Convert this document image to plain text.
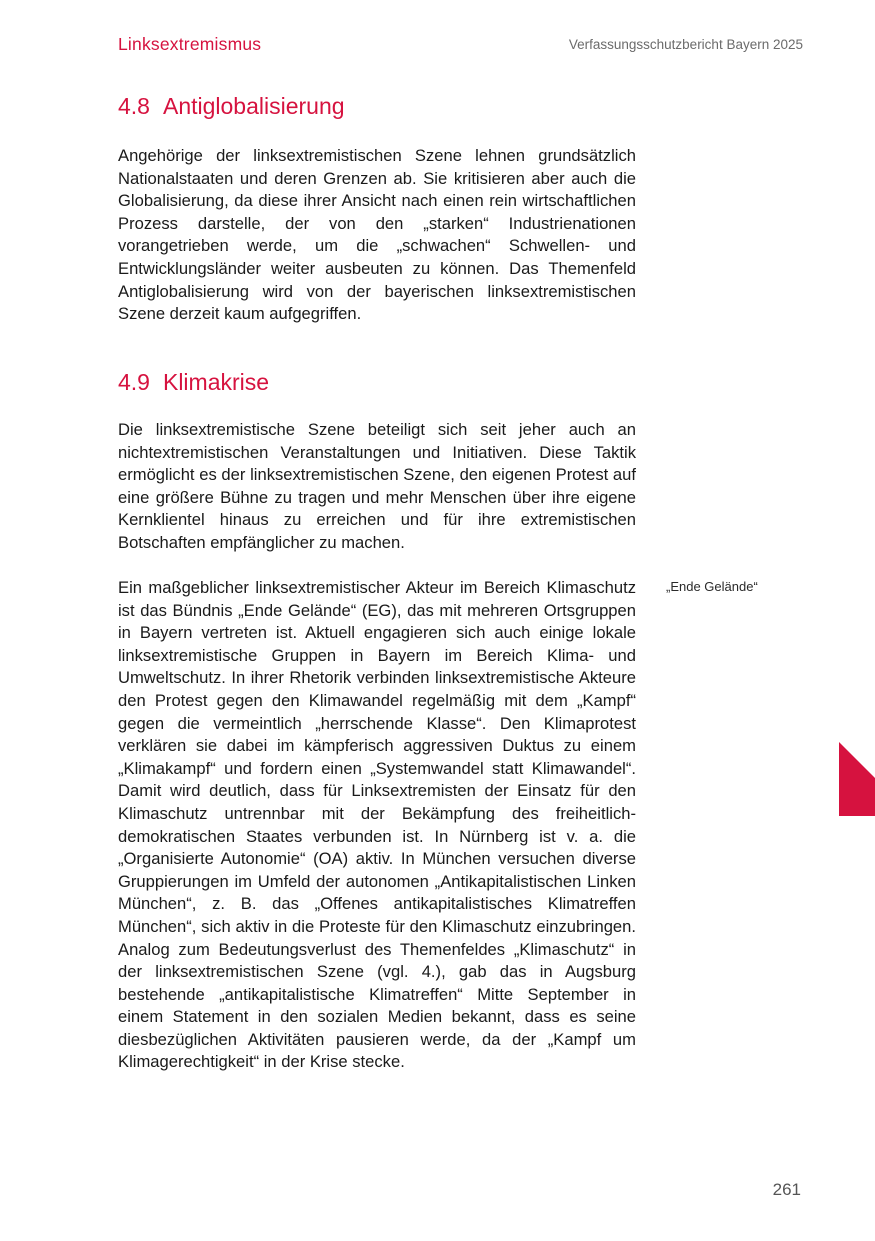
Linksextremismus	Verfassungsschutzbericht Bayern 2025
4.8 Antiglobalisierung

Angehörige der linksextremistischen Szene lehnen grundsätzlich Nationalstaaten und deren Grenzen ab. Sie kritisieren aber auch die Globalisierung, da diese ihrer Ansicht nach einen rein wirtschaftlichen Prozess darstelle, der von den „starken“ Industrienationen vorangetrieben werde, um die „schwachen“ Schwellen- und Entwicklungsländer weiter ausbeuten zu können. Das Themenfeld Antiglobalisierung wird von der bayerischen linksextremistischen Szene derzeit kaum aufgegriffen.

4.9 Klimakrise

Die linksextremistische Szene beteiligt sich seit jeher auch an nichtextremistischen Veranstaltungen und Initiativen. Diese Taktik ermöglicht es der linksextremistischen Szene, den eigenen Protest auf eine größere Bühne zu tragen und mehr Menschen über ihre eigene Kernklientel hinaus zu erreichen und für ihre extremistischen Botschaften empfänglicher zu machen.

Ein maßgeblicher linksextremistischer Akteur im Bereich Klimaschutz ist das Bündnis „Ende Gelände“ (EG), das mit mehreren Ortsgruppen in Bayern vertreten ist. Aktuell engagieren sich auch einige lokale linksextremistische Gruppen in Bayern im Bereich Klima- und Umweltschutz. In ihrer Rhetorik verbinden linksextremistische Akteure den Protest gegen den Klimawandel regelmäßig mit dem „Kampf“ gegen die vermeintlich „herrschende Klasse“. Den Klimaprotest verklären sie dabei im kämpferisch aggressiven Duktus zu einem „Klimakampf“ und fordern einen „Systemwandel statt Klimawandel“. Damit wird deutlich, dass für Linksextremisten der Einsatz für den Klimaschutz untrennbar mit der Bekämpfung des freiheitlich-demokratischen Staates verbunden ist. In Nürnberg ist v. a. die „Organisierte Autonomie“ (OA) aktiv. In München versuchen diverse Gruppierungen im Umfeld der autonomen „Antikapitalistischen Linken München“, z. B. das „Offenes antikapitalistisches Klimatreffen München“, sich aktiv in die Proteste für den Klimaschutz einzubringen. Analog zum Bedeutungsverlust des Themenfeldes „Klimaschutz“ in der linksextremistischen Szene (vgl. 4.), gab das in Augsburg bestehende „antikapitalistische Klimatreffen“ Mitte September in einem Statement in den sozialen Medien bekannt, dass es seine diesbezüglichen Aktivitäten pausieren werde, da der „Kampf um Klimagerechtigkeit“ in der Krise stecke.

„Ende Gelände“
261
